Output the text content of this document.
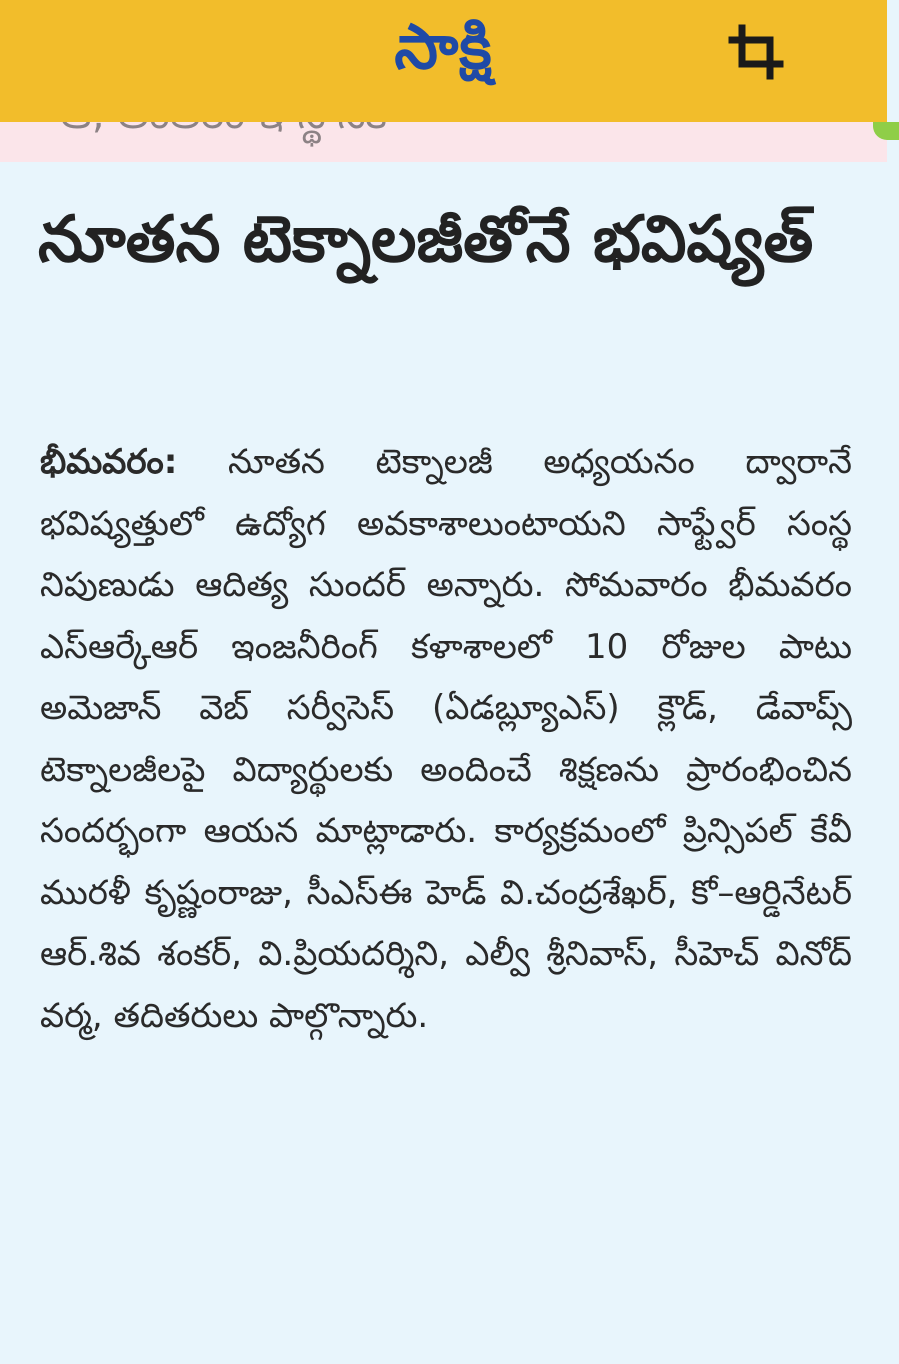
సాక్షి
నూతన టెక్నాలజీతోనే భవిష్యత్

భీమవరం: నూతన టెక్నాలజీ అధ్యయనం ద్వారానే భవిష్యత్తులో ఉద్యోగ అవకాశాలుంటాయని సాఫ్ట్వేర్ సంస్థ నిపుణుడు ఆదిత్య సుందర్ అన్నారు. సోమవారం భీమవరం ఎస్ఆర్కేఆర్ ఇంజనీరింగ్ కళాశాలలో 10 రోజుల పాటు అమెజాన్ వెబ్ సర్వీసెస్ (ఏడబ్ల్యూఎస్) క్లౌడ్, డేవాప్స్ టెక్నాలజీలపై విద్యార్థులకు అందించే శిక్షణను ప్రారంభించిన సందర్భంగా ఆయన మాట్లాడారు. కార్యక్రమంలో ప్రిన్సిపల్ కేవీ మురళీ కృష్ణంరాజు, సీఎస్ఈ హెడ్ వి.చంద్రశేఖర్, కో–ఆర్డినేటర్ ఆర్.శివ శంకర్, వి.ప్రియదర్శిని, ఎల్వీ శ్రీనివాస్, సీహెచ్ వినోద్ వర్మ, తదితరులు పాల్గొన్నారు.
